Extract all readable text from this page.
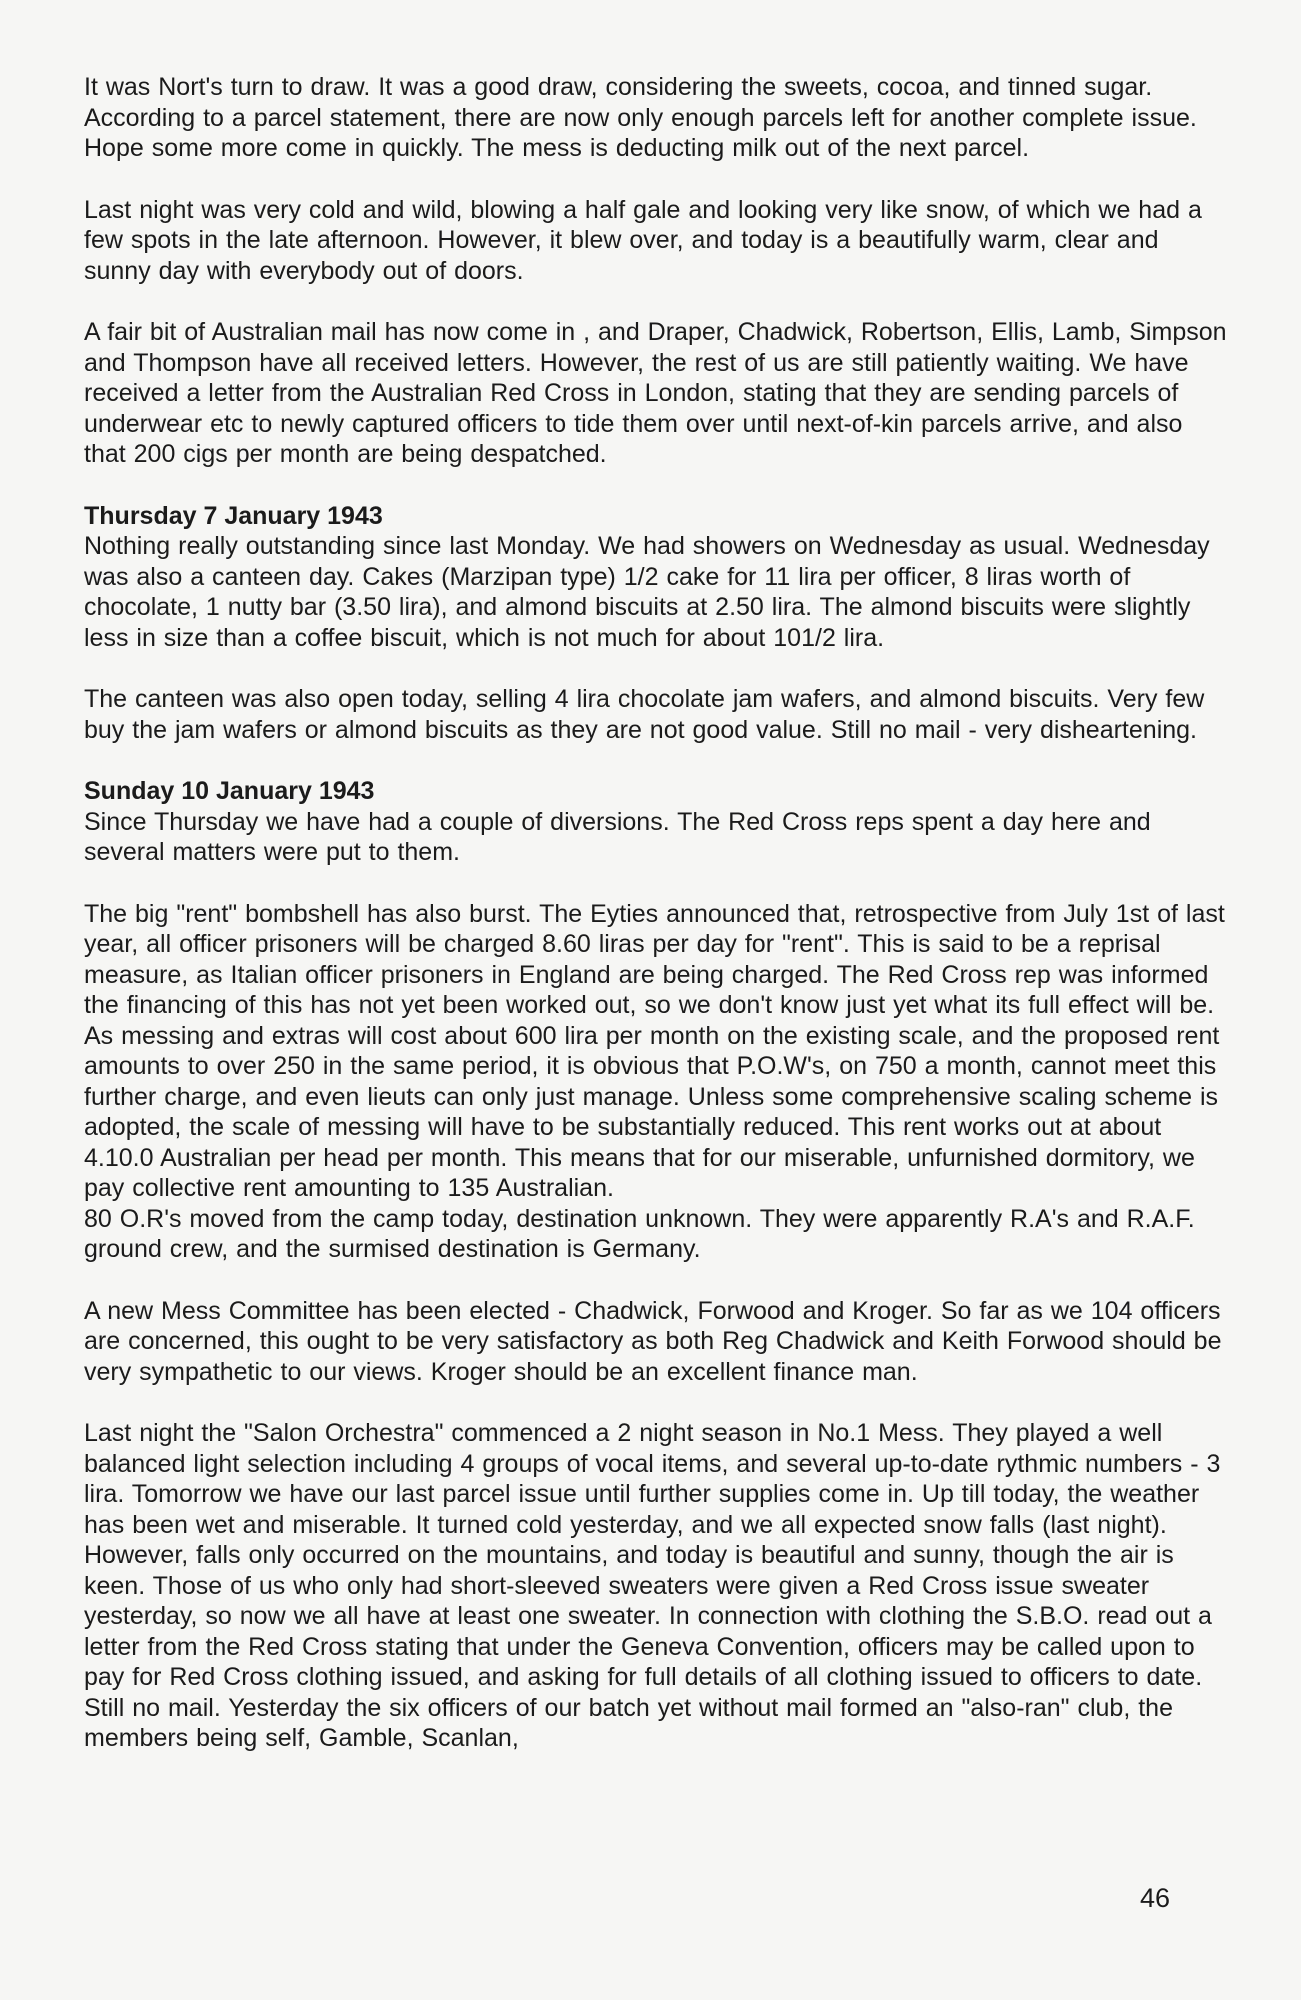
It was Nort's turn to draw. It was a good draw, considering the sweets, cocoa, and tinned sugar. According to a parcel statement, there are now only enough parcels left for another complete issue. Hope some more come in quickly. The mess is deducting milk out of the next parcel.

Last night was very cold and wild, blowing a half gale and looking very like snow, of which we had a few spots in the late afternoon. However, it blew over, and today is a beautifully warm, clear and sunny day with everybody out of doors.

A fair bit of Australian mail has now come in , and Draper, Chadwick, Robertson, Ellis, Lamb, Simpson and Thompson have all received letters. However, the rest of us are still patiently waiting. We have received a letter from the Australian Red Cross in London, stating that they are sending parcels of underwear etc to newly captured officers to tide them over until next-of-kin parcels arrive, and also that 200 cigs per month are being despatched.

Thursday 7 January 1943

Nothing really outstanding since last Monday. We had showers on Wednesday as usual. Wednesday was also a canteen day. Cakes (Marzipan type) 1/2 cake for 11 lira per officer, 8 liras worth of chocolate, 1 nutty bar (3.50 lira), and almond biscuits at 2.50 lira. The almond biscuits were slightly less in size than a coffee biscuit, which is not much for about 101/2 lira.

The canteen was also open today, selling 4 lira chocolate jam wafers, and almond biscuits. Very few buy the jam wafers or almond biscuits as they are not good value. Still no mail - very disheartening.

Sunday 10 January 1943

Since Thursday we have had a couple of diversions. The Red Cross reps spent a day here and several matters were put to them.

The big "rent" bombshell has also burst. The Eyties announced that, retrospective from July 1st of last year, all officer prisoners will be charged 8.60 liras per day for "rent". This is said to be a reprisal measure, as Italian officer prisoners in England are being charged. The Red Cross rep was informed the financing of this has not yet been worked out, so we don't know just yet what its full effect will be. As messing and extras will cost about 600 lira per month on the existing scale, and the proposed rent amounts to over 250 in the same period, it is obvious that P.O.W's, on 750 a month, cannot meet this further charge, and even lieuts can only just manage. Unless some comprehensive scaling scheme is adopted, the scale of messing will have to be substantially reduced. This rent works out at about 4.10.0 Australian per head per month. This means that for our miserable, unfurnished dormitory, we pay collective rent amounting to 135 Australian.

80 O.R's moved from the camp today, destination unknown. They were apparently R.A's and R.A.F. ground crew, and the surmised destination is Germany.

A new Mess Committee has been elected - Chadwick, Forwood and Kroger. So far as we 104 officers are concerned, this ought to be very satisfactory as both Reg Chadwick and Keith Forwood should be very sympathetic to our views. Kroger should be an excellent finance man.

Last night the "Salon Orchestra" commenced a 2 night season in No.1 Mess. They played a well balanced light selection including 4 groups of vocal items, and several up-to-date rythmic numbers - 3 lira. Tomorrow we have our last parcel issue until further supplies come in. Up till today, the weather has been wet and miserable. It turned cold yesterday, and we all expected snow falls (last night). However, falls only occurred on the mountains, and today is beautiful and sunny, though the air is keen. Those of us who only had short-sleeved sweaters were given a Red Cross issue sweater yesterday, so now we all have at least one sweater. In connection with clothing the S.B.O. read out a letter from the Red Cross stating that under the Geneva Convention, officers may be called upon to pay for Red Cross clothing issued, and asking for full details of all clothing issued to officers to date. Still no mail. Yesterday the six officers of our batch yet without mail formed an "also-ran" club, the members being self, Gamble, Scanlan,

46
